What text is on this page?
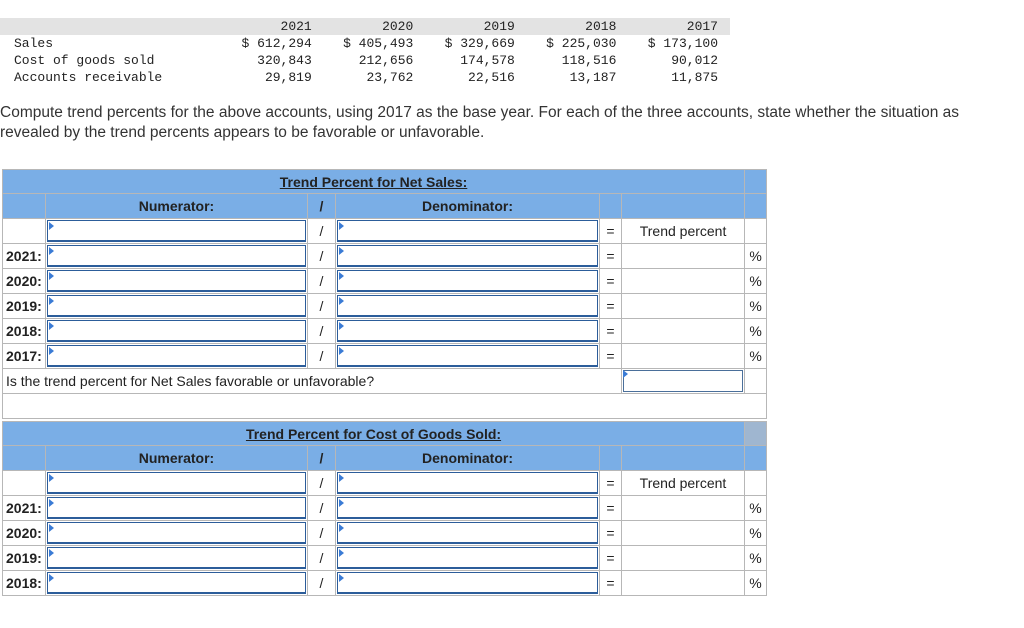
	2021	2020	2019	2018	2017
Sales	$ 612,294	$ 405,493	$ 329,669	$ 225,030	$ 173,100
Cost of goods sold	320,843	212,656	174,578	118,516	90,012
Accounts receivable	29,819	23,762	22,516	13,187	11,875
Compute trend percents for the above accounts, using 2017 as the base year. For each of the three accounts, state whether the situation as revealed by the trend percents appears to be favorable or unfavorable.
Trend Percent for Net Sales:						
	Numerator:	/	Denominator:			

	/		=	Trend percent	
2021:		/		=		%
2020:		/		=		%
2019:		/		=		%
2018:		/		=		%
2017:		/		=		%
Is the trend percent for Net Sales favorable or unfavorable?					

Trend Percent for Cost of Goods Sold:						
	Numerator:	/	Denominator:			

	/		=	Trend percent	
2021:		/		=		%
2020:		/		=		%
2019:		/		=		%
2018:		/		=		%
